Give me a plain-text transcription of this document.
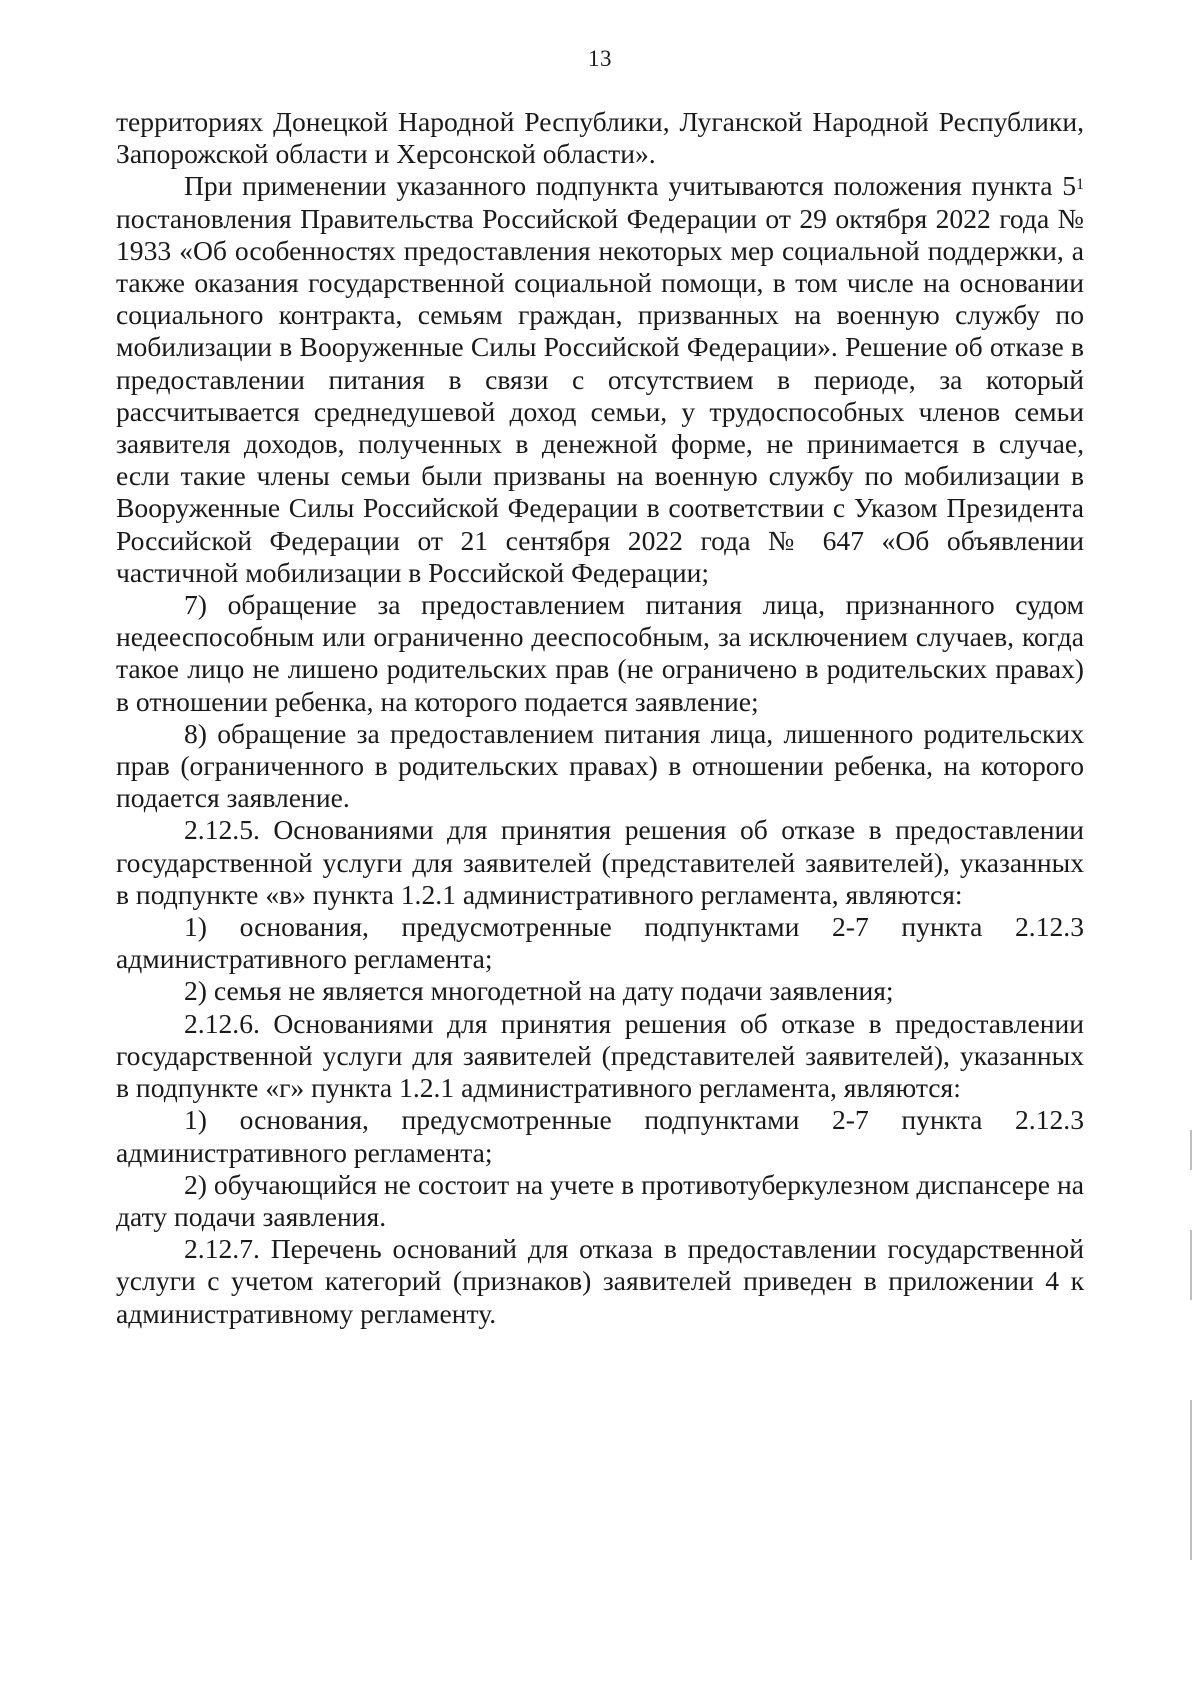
13

территориях Донецкой Народной Республики, Луганской Народной Республики, Запорожской области и Херсонской области».

При применении указанного подпункта учитываются положения пункта $5^1$ постановления Правительства Российской Федерации от 29 октября 2022 года № 1933 «Об особенностях предоставления некоторых мер социальной поддержки, а также оказания государственной социальной помощи, в том числе на основании социального контракта, семьям граждан, призванных на военную службу по мобилизации в Вооруженные Силы Российской Федерации». Решение об отказе в предоставлении питания в связи с отсутствием в периоде, за который рассчитывается среднедушевой доход семьи, у трудоспособных членов семьи заявителя доходов, полученных в денежной форме, не принимается в случае, если такие члены семьи были призваны на военную службу по мобилизации в Вооруженные Силы Российской Федерации в соответствии с Указом Президента Российской Федерации от 21 сентября 2022 года № 647 «Об объявлении частичной мобилизации в Российской Федерации;

7) обращение за предоставлением питания лица, признанного судом недееспособным или ограниченно дееспособным, за исключением случаев, когда такое лицо не лишено родительских прав (не ограничено в родительских правах) в отношении ребенка, на которого подается заявление;

8) обращение за предоставлением питания лица, лишенного родительских прав (ограниченного в родительских правах) в отношении ребенка, на которого подается заявление.

2.12.5. Основаниями для принятия решения об отказе в предоставлении государственной услуги для заявителей (представителей заявителей), указанных в подпункте «в» пункта 1.2.1 административного регламента, являются:

1) основания, предусмотренные подпунктами 2-7 пункта 2.12.3 административного регламента;

2) семья не является многодетной на дату подачи заявления;

2.12.6. Основаниями для принятия решения об отказе в предоставлении государственной услуги для заявителей (представителей заявителей), указанных в подпункте «г» пункта 1.2.1 административного регламента, являются:

1) основания, предусмотренные подпунктами 2-7 пункта 2.12.3 административного регламента;

2) обучающийся не состоит на учете в противотуберкулезном диспансере на дату подачи заявления.

2.12.7. Перечень оснований для отказа в предоставлении государственной услуги с учетом категорий (признаков) заявителей приведен в приложении 4 к административному регламенту.
